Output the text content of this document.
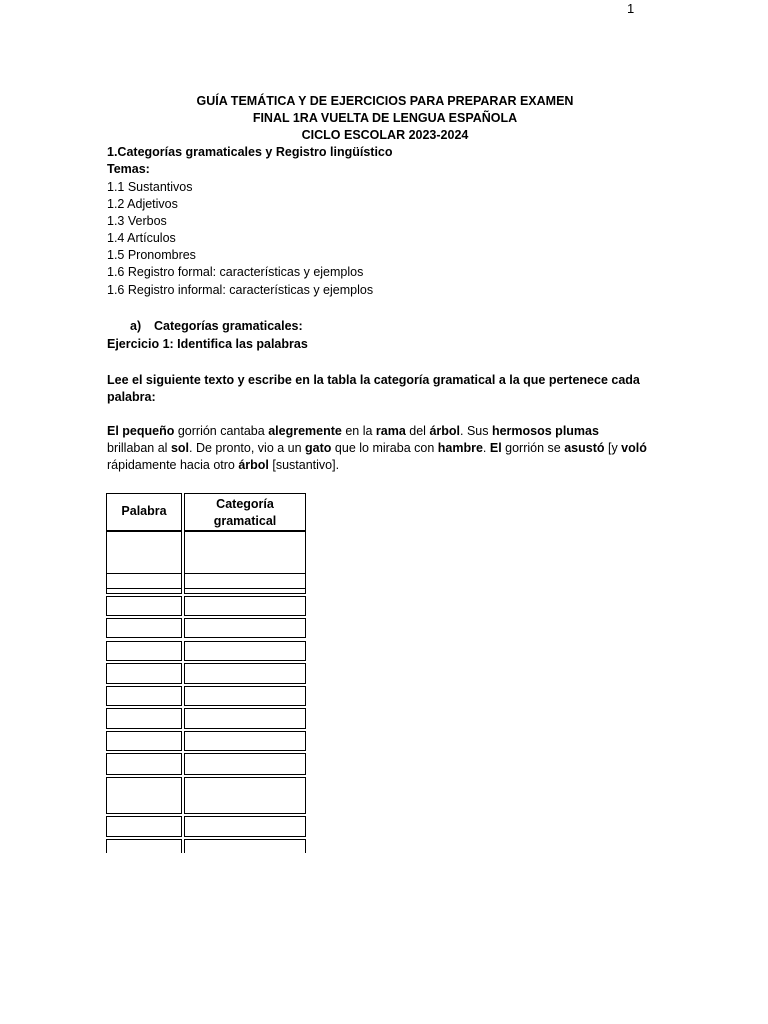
1
GUÍA TEMÁTICA Y DE EJERCICIOS PARA PREPARAR EXAMEN
FINAL 1RA VUELTA DE LENGUA ESPAÑOLA
CICLO ESCOLAR 2023-2024
1.Categorías gramaticales y Registro lingüístico
Temas:
1.1 Sustantivos
1.2 Adjetivos
1.3 Verbos
1.4 Artículos
1.5 Pronombres
1.6 Registro formal: características y ejemplos
1.6 Registro informal: características y ejemplos
a) Categorías gramaticales:
Ejercicio 1: Identifica las palabras
Lee el siguiente texto y escribe en la tabla la categoría gramatical a la que pertenece cada palabra:
El pequeño gorrión cantaba alegremente en la rama del árbol. Sus hermosos plumas brillaban al sol. De pronto, vio a un gato que lo miraba con hambre. El gorrión se asustó [y voló rápidamente hacia otro árbol [sustantivo].
Palabra	Categoría gramatical
